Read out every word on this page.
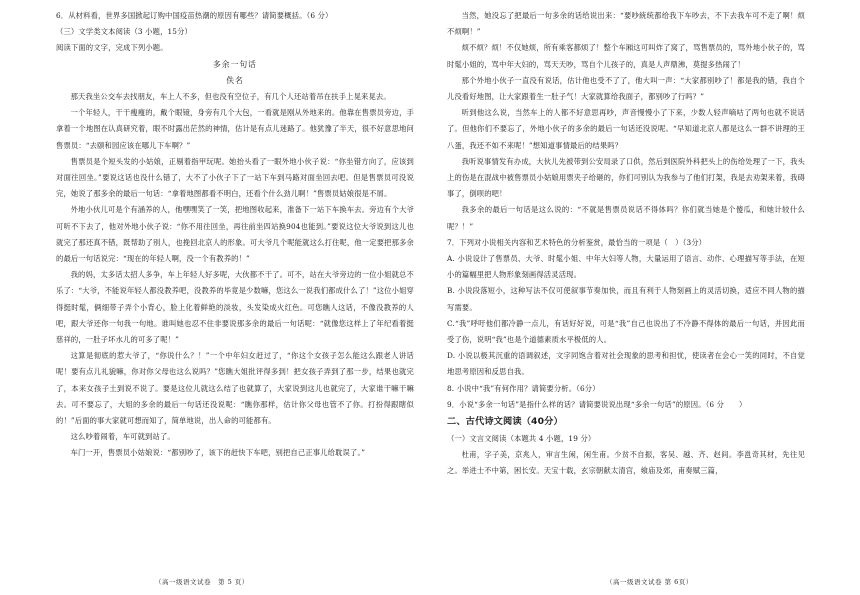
6．从材料看，世界多国掀起订购中国疫苗热潮的原因有哪些？请简要概括。（6 分）

（三）文学类文本阅读（3 小题，15分）

阅读下面的文字，完成下列小题。

多余一句话

佚名

那天我坐公交车去找朋友，车上人不多，但也没有空位子，有几个人还站着吊在扶手上晃来晃去。

一个年轻人，干干瘦瘦的，戴个眼镜，身旁有几个大包，一看就是刚从外地来的。他靠在售票员旁边，手拿着一个地图在认真研究着，眼不时露出茫然的神情，估计是有点儿迷路了。他犹豫了半天，很不好意思地问售票员：“去颐和园应该在哪儿下车啊？”

售票员是个短头发的小姑娘，正剔着指甲玩呢。她抬头看了一眼外地小伙子说：“你坐错方向了，应该到对面往回坐。”要说这话也没什么错了，大不了小伙子下了一站下车到马路对面坐回去吧。但是售票员可没说完，她说了那多余的最后一句话：“拿着地图都看不明白，还看个什么劲儿啊！”售票员姑娘很是不屑。

外地小伙儿可是个有涵养的人，他嘿嘿笑了一笑，把地图收起来，准备下一站下车换车去。旁边有个大爷可听不下去了，他对外地小伙子说：“你不用往回坐，再往前坐四站换904也能到。”要说这位大爷说到这儿也就完了那还真不错，既帮助了别人，也挽回北京人的形象。可大爷几个呢能就这么打住呢，他一定要把那多余的最后一句话说完：“现在的年轻人啊，没一个有教养的！”

我的妈，太多话太招人多争，车上年轻人好多呢，大伙都不干了。可不，站在大爷旁边的一位小姐就总不乐了：“大爷，不能说年轻人都没教养吧，没教养的毕竟是少数嘛，您这么一说我们都成什么了！”这位小姐穿得挺时髦，俩细带子弄个小背心，脸上化着鲜艳的淡妆，头发染成火红色。可您瞧人这话，不像没教养的人吧，跟大爷还你一句我一句地。谁叫她也忍不住非要说那多余的最后一句话呢：“就像您这样上了年纪看着挺慈祥的，一肚子坏水儿的可多了呢！”

这算是彻底的惹大爷了，“你说什么？！”一个中年妇女赶过了，“你这个女孩子怎么能这么跟老人讲话呢！要有点儿礼貌嘛，你对你父母也这么说吗？”您瞧大姐批评得多到！把女孩子弄到了那一步，结果也就完了，本来女孩子土到说不说了。要是这位儿就这么结了也就算了，大家说到这儿也就完了，大家谁干嘛干嘛去。可不要忘了，大姐的多余的最后一句话还没说呢：“瞧你那样，估计你父母也管不了你。打扮得跟瞎似的！”后面的事大家就可想而知了，简单地说，出人命的可能都有。

这么吵着闹着，车可就到站了。

车门一开，售票员小姑娘说：“都别吵了，该下的赶快下车吧，别把自己正事儿给耽误了。”

当然，她没忘了把最后一句多余的话给说出来：“要吵統统都给我下车吵去，不下去我车可不走了啊！烦不烦啊！”

烦不烦？烦！不仅她烦，所有乘客都烦了！整个车厢这可叫炸了窝了，骂售票员的，骂外地小伙子的，骂时髦小姐的，骂中年大妇的，骂天天吵，骂自个儿孩子的，真是人声鼎沸，莫提多热闹了！

那个外地小伙子一直没有说话，估计他也受不了了，他大叫一声：“大家都别吵了！都是我的错，我自个儿没看好地图，让大家跟着生一肚子气！大家就算给我面子，都别吵了行吗？”

听到他这么说，当然车上的人都不好意思再吵，声音慢慢小了下来，少数人轻声嘀咕了两句也就不说话了。但他你们不要忘了，外地小伙子的多余的最后一句话还没说呢。“早知道北京人都是这么一群不讲理的王八蛋，我还不如不来呢！”想知道事情最后的结果吗？

我听说事情发有办成，大伙儿先被带到公安局录了口供，然后到医院外科把头上的伤给处理了一下，我头上的伤是在混战中被售票员小姑娘用票夹子给砸的，你们可别认为我参与了他们打架，我是去劝架来着，我碍事了，倒呗的吧！

我多余的最后一句话是这么说的：“不就是售票员说话不得体吗？你们就当她是个傻瓜，和她计较什么呢？！”

7．下列对小说相关内容和艺术特色的分析鉴赏，最恰当的一项是（　）（3分）

A. 小说设计了售票员、大爷、时髦小姐、中年大妇等人物，大量运用了语言、动作、心理描写等手法，在短小的篇幅里把人物形象刻画得活灵活现。

B. 小说段落短小，这种写法不仅可使叙事节奏加快，而且有利于人物刻画上的灵活切换，适应不同人物的描写需要。

C.“我”呼吁他们都冷静一点儿，有话好好说，可是“我”自己也说出了不冷静不得体的最后一句话，并因此而受了伤，说明“我”也是个道德素质水平极低的人。

D. 小说以极其沉重的语调叙述，文字同饱含着对社会现象的思考和担忧，使读者在会心一笑的同时，不自觉地思考原因和反思自我。

8. 小说中“我”有何作用？请简要分析。（6分）

9．小说“多余一句话”是指什么样的话？请简要说说出现“多余一句话”的原因。（6 分　　）

二、古代诗文阅读（40分）

（一）文言文阅读（本题共 4 小题，19 分）

杜甫，字子美，京兆人，审言生闲，闲生甫。少贫不自振，客吴、越、齐、赵间。李邕奇其材，先往见之。举进士不中第，困长安。天宝十载，玄宗朝献太清宫，飨庙及郊，甫奏赋三篇，

（高一级语文试卷　第 5 页）	（高一级语文试卷 第 6页）
